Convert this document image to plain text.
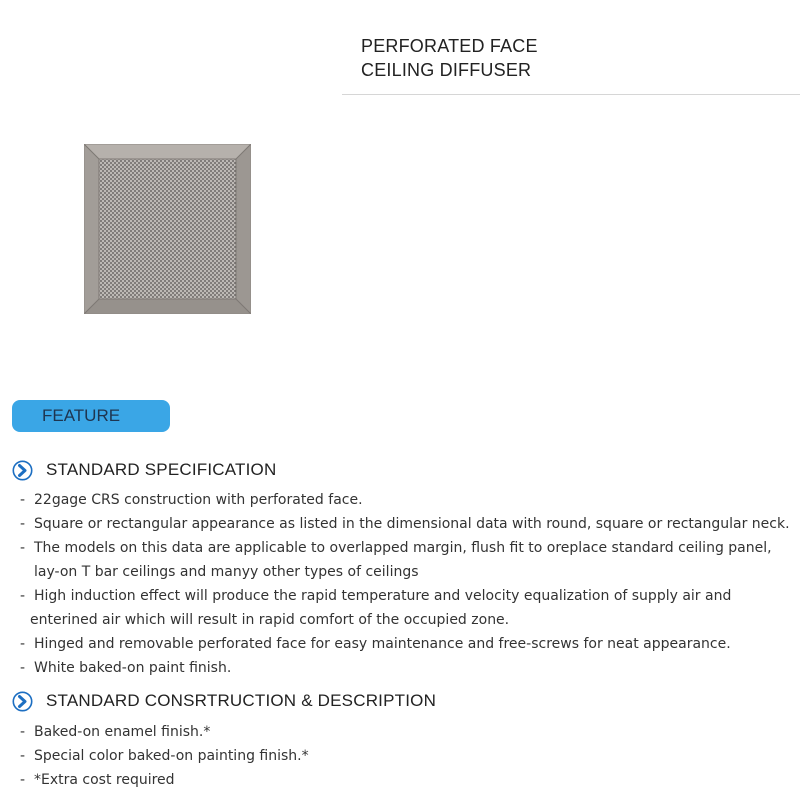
PERFORATED FACE
CEILING DIFFUSER
FEATURE
STANDARD SPECIFICATION
- 22gage CRS construction with perforated face.
- Square or rectangular appearance as listed in the dimensional data with round, square or rectangular neck.
- The models on this data are applicable to overlapped margin, flush fit to oreplace standard ceiling panel,
lay-on T bar ceilings and manyy other types of ceilings
- High induction effect will produce the rapid temperature and velocity equalization of supply air and
enterined air which will result in rapid comfort of the occupied zone.
- Hinged and removable perforated face for easy maintenance and free-screws for neat appearance.
- White baked-on paint finish.
STANDARD CONSRTRUCTION & DESCRIPTION
- Baked-on enamel finish.*
- Special color baked-on painting finish.*
- *Extra cost required
